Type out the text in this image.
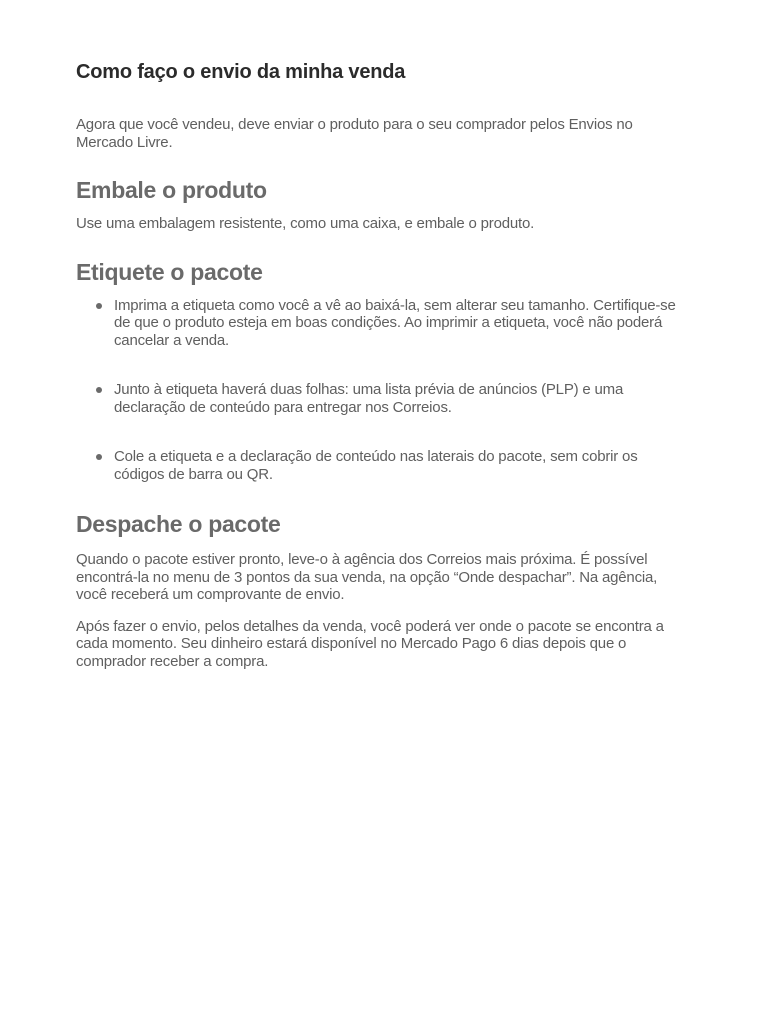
Como faço o envio da minha venda

Agora que você vendeu, deve enviar o produto para o seu comprador pelos Envios no Mercado Livre.

Embale o produto

Use uma embalagem resistente, como uma caixa, e embale o produto.

Etiquete o pacote
Imprima a etiqueta como você a vê ao baixá-la, sem alterar seu tamanho. Certifique-se de que o produto esteja em boas condições. Ao imprimir a etiqueta, você não poderá cancelar a venda.
Junto à etiqueta haverá duas folhas: uma lista prévia de anúncios (PLP) e uma declaração de conteúdo para entregar nos Correios.
Cole a etiqueta e a declaração de conteúdo nas laterais do pacote, sem cobrir os códigos de barra ou QR.
Despache o pacote

Quando o pacote estiver pronto, leve-o à agência dos Correios mais próxima. É possível encontrá-la no menu de 3 pontos da sua venda, na opção “Onde despachar”. Na agência, você receberá um comprovante de envio.

Após fazer o envio, pelos detalhes da venda, você poderá ver onde o pacote se encontra a cada momento. Seu dinheiro estará disponível no Mercado Pago 6 dias depois que o comprador receber a compra.
